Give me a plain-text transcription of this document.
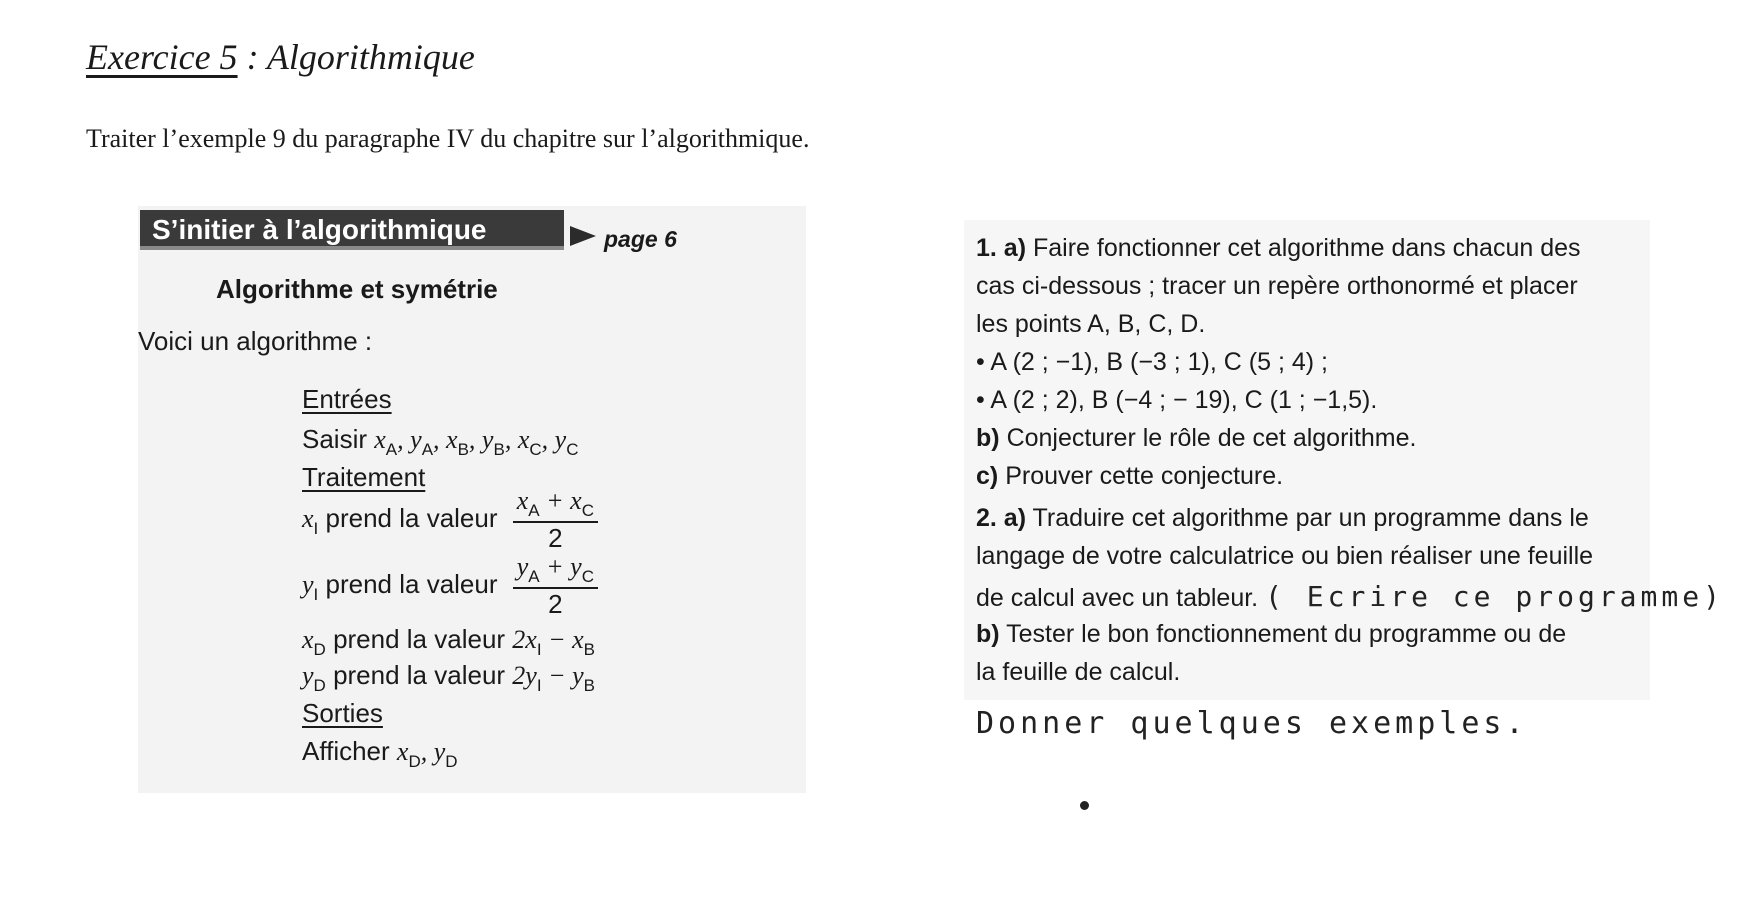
Exercice 5 : Algorithmique
Traiter l’exemple 9 du paragraphe IV du chapitre sur l’algorithmique.
S’initier à l’algorithmique	page 6
Algorithme et symétrie
Voici un algorithme :
Entrées
Saisir $x_A$, $y_A$, $x_B$, $y_B$, $x_C$, $y_C$
Traitement
$x_I$ prend la valeur $\frac{x_A + x_C}{2}$
$y_I$ prend la valeur $\frac{y_A + y_C}{2}$
$x_D$ prend la valeur $2x_I - x_B$
$y_D$ prend la valeur $2y_I - y_B$
Sorties
Afficher $x_D$, $y_D$
1. a) Faire fonctionner cet algorithme dans chacun des
cas ci-dessous ; tracer un repère orthonormé et placer
les points A, B, C, D.
• A (2 ; −1), B (−3 ; 1), C (5 ; 4) ;
• A (2 ; 2), B (−4 ; − 19), C (1 ; −1,5).
b) Conjecturer le rôle de cet algorithme.
c) Prouver cette conjecture.
2. a) Traduire cet algorithme par un programme dans le
langage de votre calculatrice ou bien réaliser une feuille
de calcul avec un tableur. ( Ecrire ce programme)
b) Tester le bon fonctionnement du programme ou de
la feuille de calcul.
Donner quelques exemples.
